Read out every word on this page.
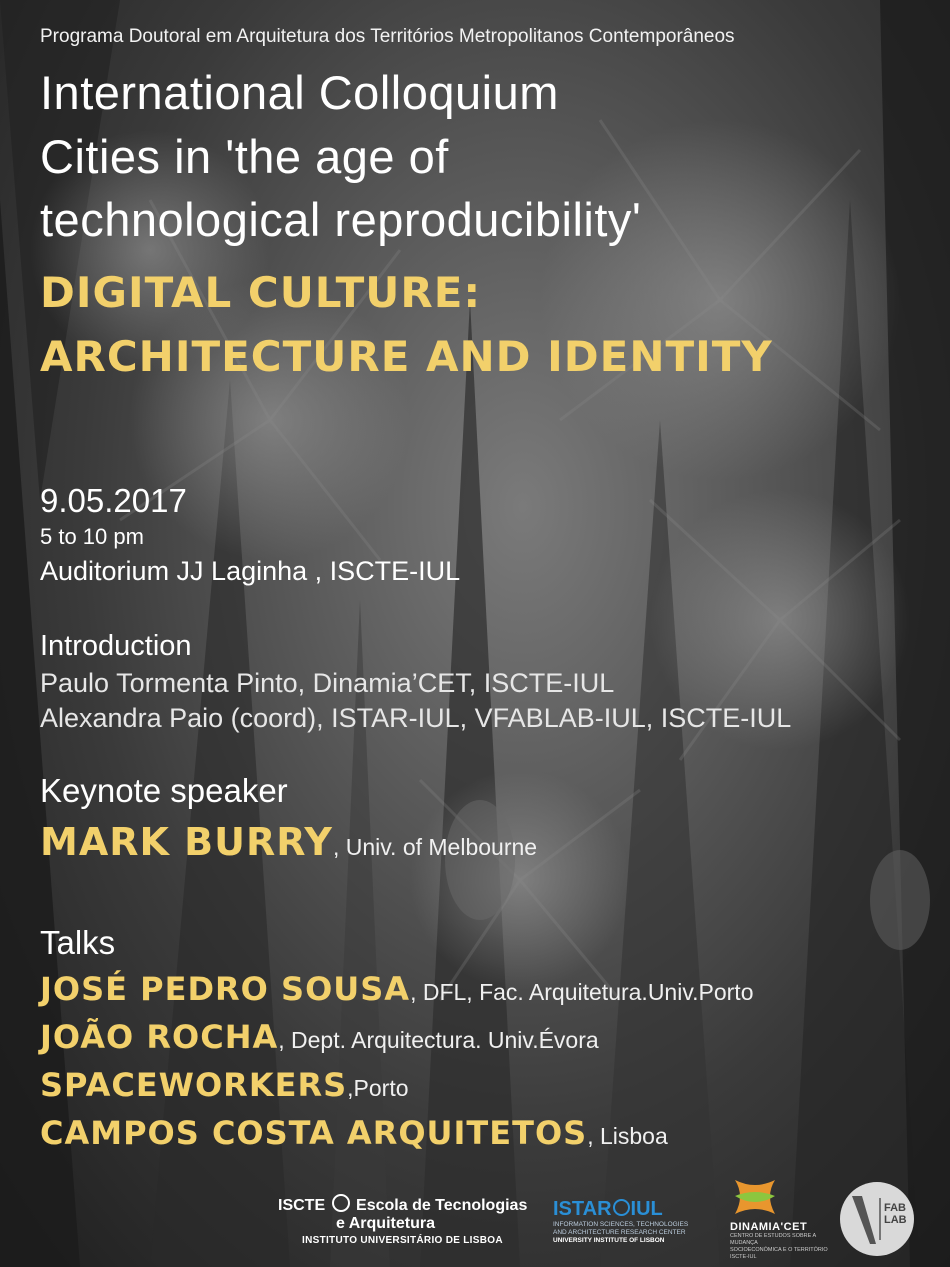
Programa Doutoral em Arquitetura dos Territórios Metropolitanos Contemporâneos
International Colloquium
Cities in 'the age of
technological reproducibility'
DIGITAL CULTURE:
ARCHITECTURE AND IDENTITY
9.05.2017
5 to 10 pm
Auditorium JJ Laginha , ISCTE-IUL
Introduction
Paulo Tormenta Pinto, Dinamia’CET, ISCTE-IUL
Alexandra Paio (coord), ISTAR-IUL, VFABLAB-IUL, ISCTE-IUL
Keynote speaker
MARK BURRY, Univ. of Melbourne
Talks
JOSÉ PEDRO SOUSA, DFL, Fac. Arquitetura.Univ.Porto
JOÃO ROCHA, Dept. Arquitectura. Univ.Évora
SPACEWORKERS,Porto
CAMPOS COSTA ARQUITETOS, Lisboa
ISCTE Escola de Tecnologias
e Arquitetura
INSTITUTO UNIVERSITÁRIO DE LISBOA
ISTAR IUL
INFORMATION SCIENCES, TECHNOLOGIES
AND ARCHITECTURE RESEARCH CENTER
UNIVERSITY INSTITUTE OF LISBON
DINAMIA'CET
CENTRO DE ESTUDOS SOBRE A MUDANÇA
SOCIOECONÓMICA E O TERRITÓRIO
ISCTE-IUL
FAB
LAB
